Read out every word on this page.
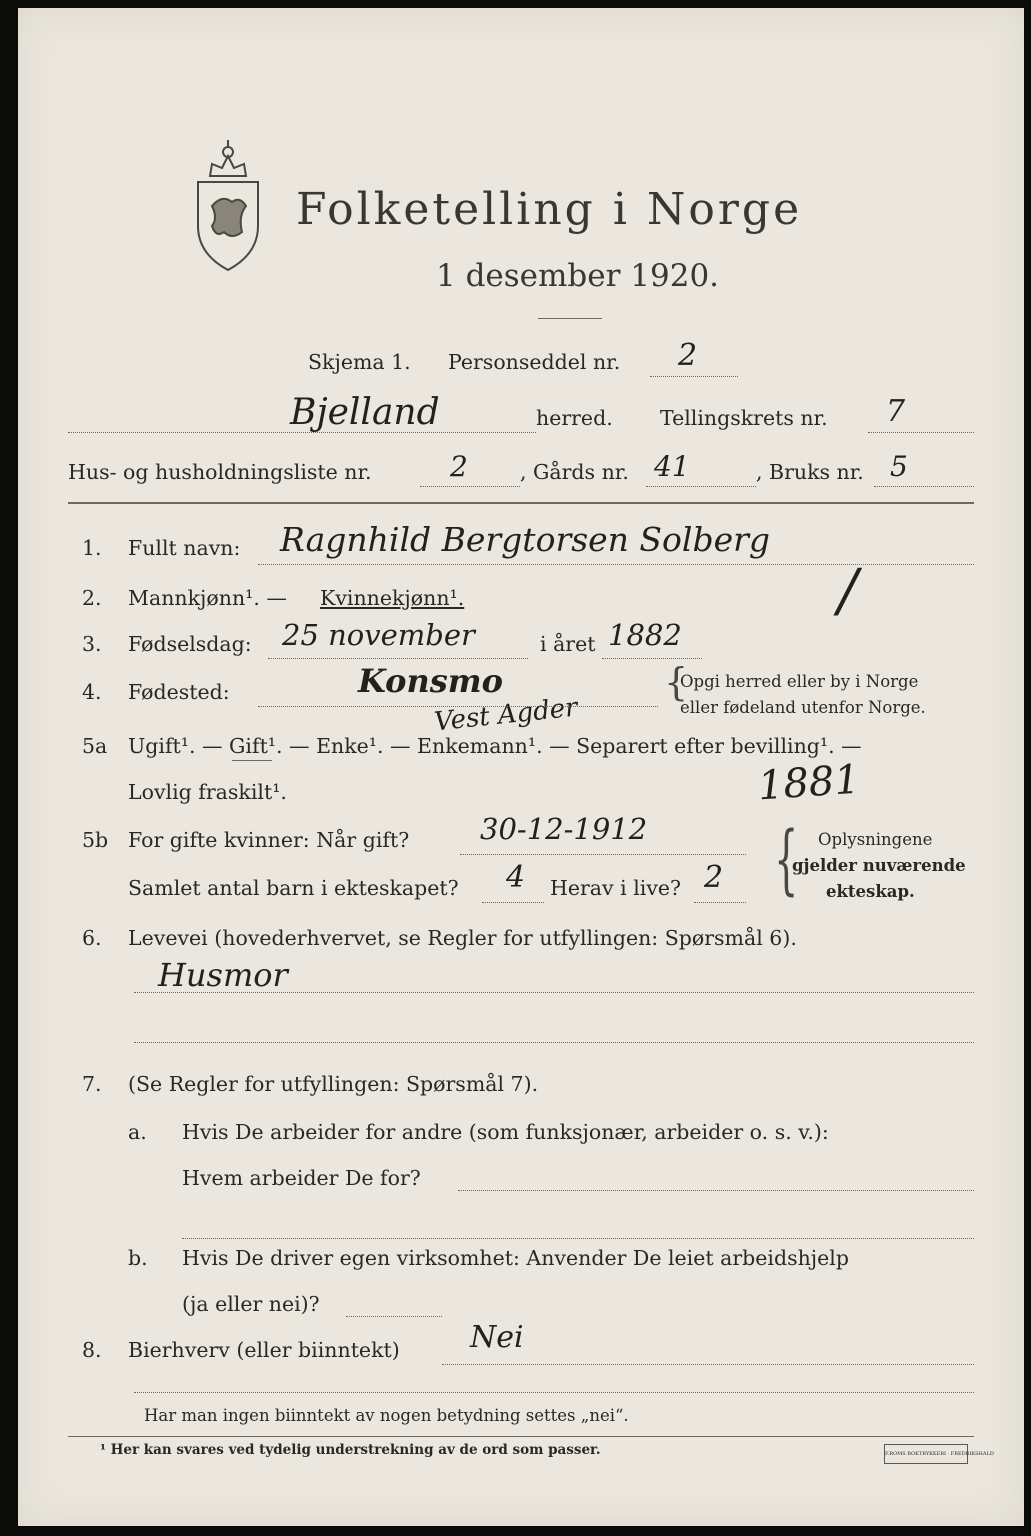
Folketelling i Norge
1 desember 1920.
Skjema 1. Personseddel nr. 2
Bjelland	herred. Tellingskrets nr. 7
Hus- og husholdningsliste nr.	2	, Gårds nr. 41	, Bruks nr. 5
1. Fullt navn: Ragnhild Bergtorsen Solberg
2. Mannkjønn¹. — Kvinnekjønn¹.	/
3. Fødselsdag: 25 november	i året 1882
4. Fødested:	Konsmo
Vest Agder
{
Opgi herred eller by i Norge
eller fødeland utenfor Norge.
5a Ugift¹. — Gift¹. — Enke¹. — Enkemann¹. — Separert efter bevilling¹. —
Lovlig fraskilt¹.	1881
5b For gifte kvinner: Når gift? 30-12-1912
Samlet antal barn i ekteskapet? 4 Herav i live? 2 { Oplysningene
gjelder nuværende
ekteskap.
6. Levevei (hovederhvervet, se Regler for utfyllingen: Spørsmål 6).
Husmor
7. (Se Regler for utfyllingen: Spørsmål 7).
a. Hvis De arbeider for andre (som funksjonær, arbeider o. s. v.):
Hvem arbeider De for?
b. Hvis De driver egen virksomhet: Anvender De leiet arbeidshjelp
(ja eller nei)?
8. Bierhverv (eller biinntekt) Nei
Har man ingen biinntekt av nogen betydning settes „nei“.
¹ Her kan svares ved tydelig understrekning av de ord som passer.	F.ROMS BOKTRYKKERI · FREDRIKSHALD
